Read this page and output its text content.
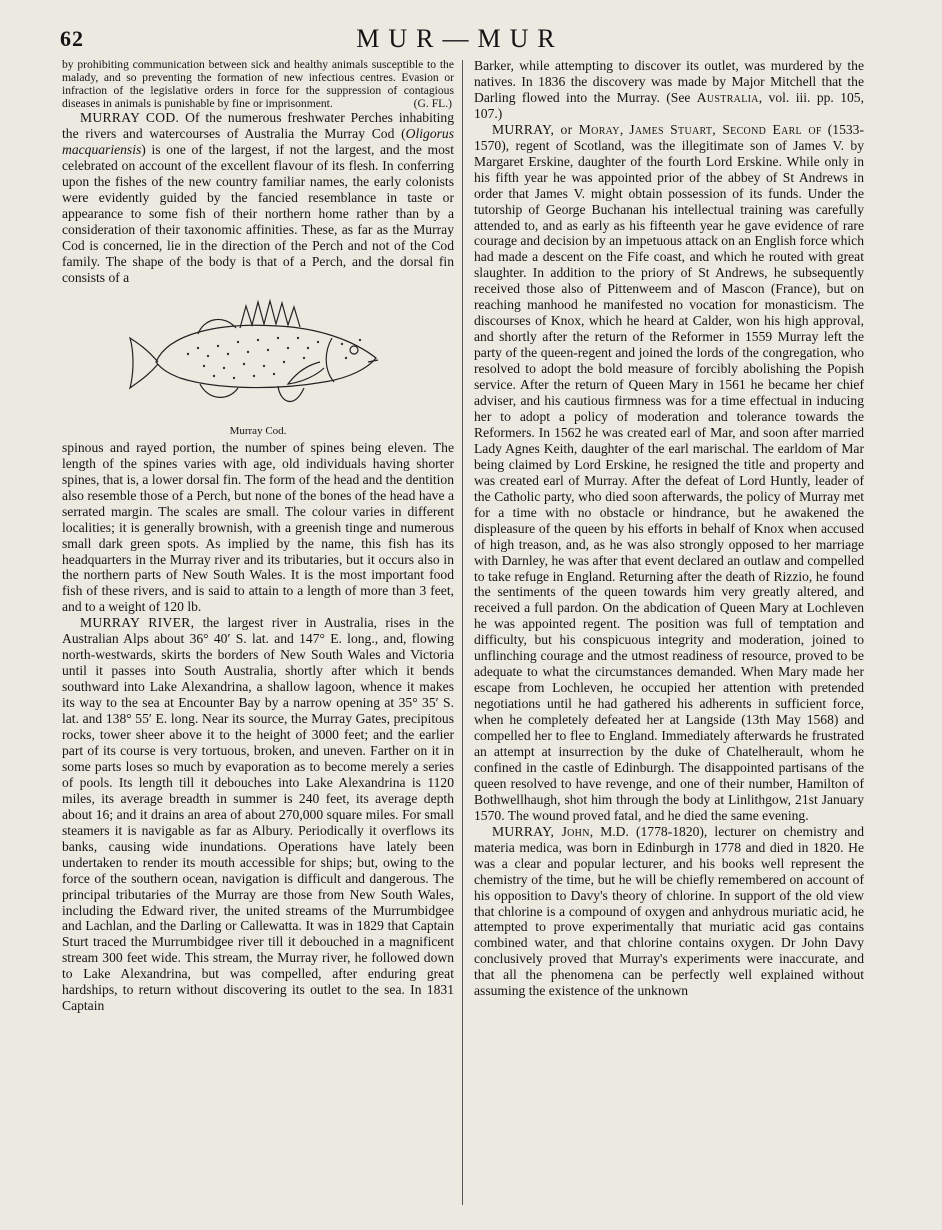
62	MUR—MUR

by prohibiting communication between sick and healthy animals susceptible to the malady, and so preventing the formation of new infectious centres. Evasion or infraction of the legislative orders in force for the suppression of contagious diseases in animals is punishable by fine or imprisonment.	(G. FL.)

MURRAY COD. Of the numerous freshwater Perches inhabiting the rivers and watercourses of Australia the Murray Cod (Oligorus macquariensis) is one of the largest, if not the largest, and the most celebrated on account of the excellent flavour of its flesh. In conferring upon the fishes of the new country familiar names, the early colonists were evidently guided by the fancied resemblance in taste or appearance to some fish of their northern home rather than by a consideration of their taxonomic affinities. These, as far as the Murray Cod is concerned, lie in the direction of the Perch and not of the Cod family. The shape of the body is that of a Perch, and the dorsal fin consists of a

Murray Cod.

spinous and rayed portion, the number of spines being eleven. The length of the spines varies with age, old individuals having shorter spines, that is, a lower dorsal fin. The form of the head and the dentition also resemble those of a Perch, but none of the bones of the head have a serrated margin. The scales are small. The colour varies in different localities; it is generally brownish, with a greenish tinge and numerous small dark green spots. As implied by the name, this fish has its headquarters in the Murray river and its tributaries, but it occurs also in the northern parts of New South Wales. It is the most important food fish of these rivers, and is said to attain to a length of more than 3 feet, and to a weight of 120 lb.

MURRAY RIVER, the largest river in Australia, rises in the Australian Alps about 36° 40′ S. lat. and 147° E. long., and, flowing north-westwards, skirts the borders of New South Wales and Victoria until it passes into South Australia, shortly after which it bends southward into Lake Alexandrina, a shallow lagoon, whence it makes its way to the sea at Encounter Bay by a narrow opening at 35° 35′ S. lat. and 138° 55′ E. long. Near its source, the Murray Gates, precipitous rocks, tower sheer above it to the height of 3000 feet; and the earlier part of its course is very tortuous, broken, and uneven. Farther on it in some parts loses so much by evaporation as to become merely a series of pools. Its length till it debouches into Lake Alexandrina is 1120 miles, its average breadth in summer is 240 feet, its average depth about 16; and it drains an area of about 270,000 square miles. For small steamers it is navigable as far as Albury. Periodically it overflows its banks, causing wide inundations. Operations have lately been undertaken to render its mouth accessible for ships; but, owing to the force of the southern ocean, navigation is difficult and dangerous. The principal tributaries of the Murray are those from New South Wales, including the Edward river, the united streams of the Murrumbidgee and Lachlan, and the Darling or Callewatta. It was in 1829 that Captain Sturt traced the Murrumbidgee river till it debouched in a magnificent stream 300 feet wide. This stream, the Murray river, he followed down to Lake Alexandrina, but was compelled, after enduring great hardships, to return without discovering its outlet to the sea. In 1831 Captain

Barker, while attempting to discover its outlet, was murdered by the natives. In 1836 the discovery was made by Major Mitchell that the Darling flowed into the Murray. (See Australia, vol. iii. pp. 105, 107.)

MURRAY, or Moray, James Stuart, Second Earl of (1533-1570), regent of Scotland, was the illegitimate son of James V. by Margaret Erskine, daughter of the fourth Lord Erskine. While only in his fifth year he was appointed prior of the abbey of St Andrews in order that James V. might obtain possession of its funds. Under the tutorship of George Buchanan his intellectual training was carefully attended to, and as early as his fifteenth year he gave evidence of rare courage and decision by an impetuous attack on an English force which had made a descent on the Fife coast, and which he routed with great slaughter. In addition to the priory of St Andrews, he subsequently received those also of Pittenweem and of Mascon (France), but on reaching manhood he manifested no vocation for monasticism. The discourses of Knox, which he heard at Calder, won his high approval, and shortly after the return of the Reformer in 1559 Murray left the party of the queen-regent and joined the lords of the congregation, who resolved to adopt the bold measure of forcibly abolishing the Popish service. After the return of Queen Mary in 1561 he became her chief adviser, and his cautious firmness was for a time effectual in inducing her to adopt a policy of moderation and tolerance towards the Reformers. In 1562 he was created earl of Mar, and soon after married Lady Agnes Keith, daughter of the earl marischal. The earldom of Mar being claimed by Lord Erskine, he resigned the title and property and was created earl of Murray. After the defeat of Lord Huntly, leader of the Catholic party, who died soon afterwards, the policy of Murray met for a time with no obstacle or hindrance, but he awakened the displeasure of the queen by his efforts in behalf of Knox when accused of high treason, and, as he was also strongly opposed to her marriage with Darnley, he was after that event declared an outlaw and compelled to take refuge in England. Returning after the death of Rizzio, he found the sentiments of the queen towards him very greatly altered, and received a full pardon. On the abdication of Queen Mary at Lochleven he was appointed regent. The position was full of temptation and difficulty, but his conspicuous integrity and moderation, joined to unflinching courage and the utmost readiness of resource, proved to be adequate to what the circumstances demanded. When Mary made her escape from Lochleven, he occupied her attention with pretended negotiations until he had gathered his adherents in sufficient force, when he completely defeated her at Langside (13th May 1568) and compelled her to flee to England. Immediately afterwards he frustrated an attempt at insurrection by the duke of Chatelherault, whom he confined in the castle of Edinburgh. The disappointed partisans of the queen resolved to have revenge, and one of their number, Hamilton of Bothwellhaugh, shot him through the body at Linlithgow, 21st January 1570. The wound proved fatal, and he died the same evening.

MURRAY, John, M.D. (1778-1820), lecturer on chemistry and materia medica, was born in Edinburgh in 1778 and died in 1820. He was a clear and popular lecturer, and his books well represent the chemistry of the time, but he will be chiefly remembered on account of his opposition to Davy's theory of chlorine. In support of the old view that chlorine is a compound of oxygen and anhydrous muriatic acid, he attempted to prove experimentally that muriatic acid gas contains combined water, and that chlorine contains oxygen. Dr John Davy conclusively proved that Murray's experiments were inaccurate, and that all the phenomena can be perfectly well explained without assuming the existence of the unknown
